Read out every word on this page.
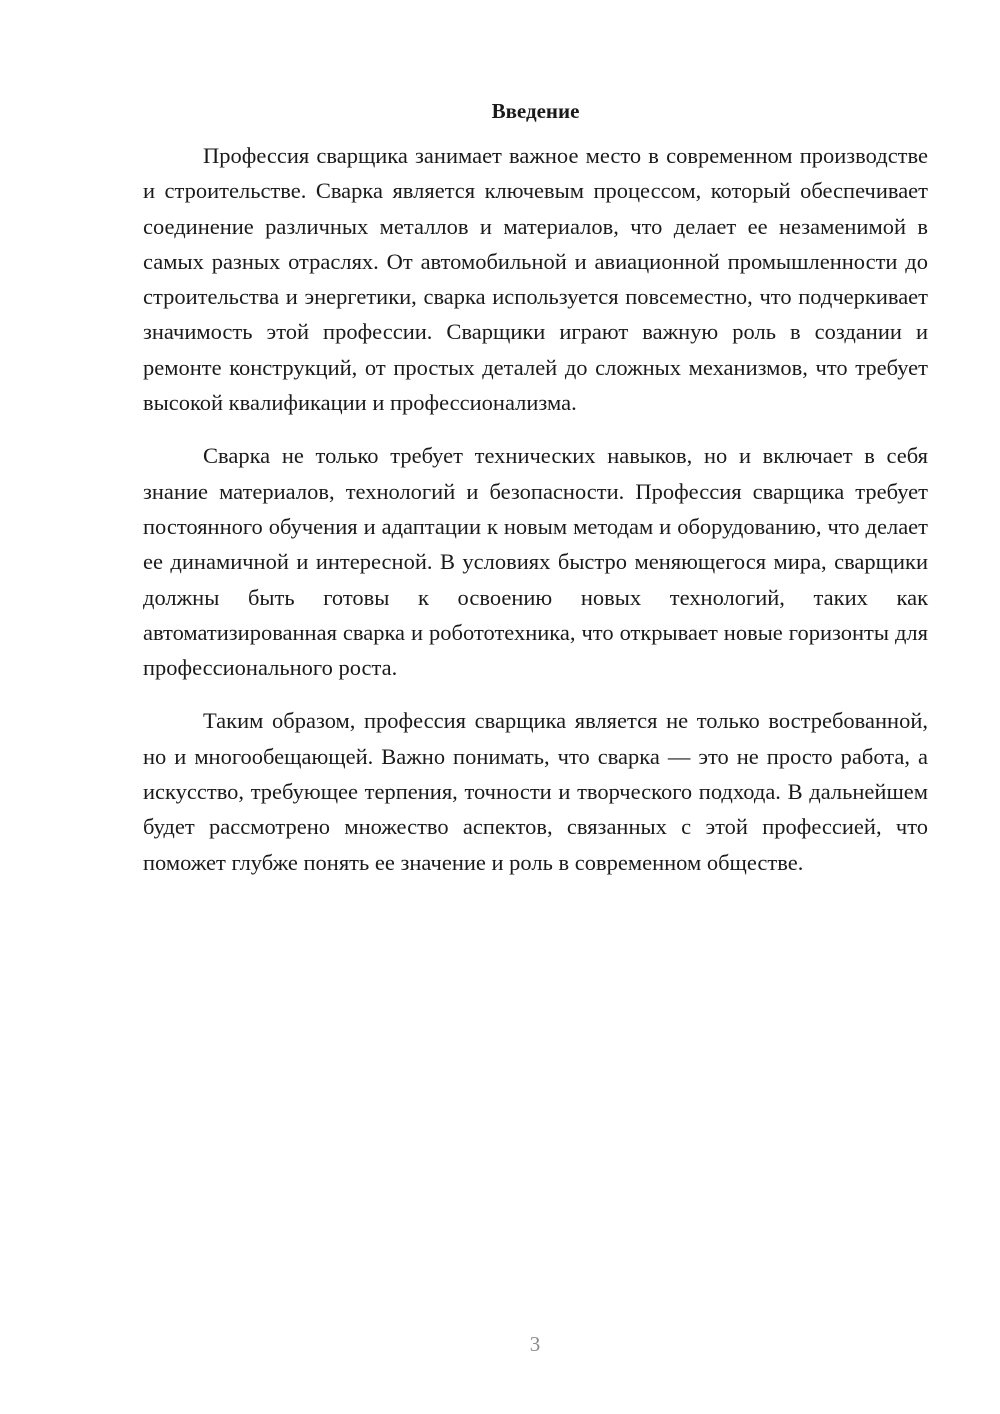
Введение

Профессия сварщика занимает важное место в современном производстве и строительстве. Сварка является ключевым процессом, который обеспечивает соединение различных металлов и материалов, что делает ее незаменимой в самых разных отраслях. От автомобильной и авиационной промышленности до строительства и энергетики, сварка используется повсеместно, что подчеркивает значимость этой профессии. Сварщики играют важную роль в создании и ремонте конструкций, от простых деталей до сложных механизмов, что требует высокой квалификации и профессионализма.

Сварка не только требует технических навыков, но и включает в себя знание материалов, технологий и безопасности. Профессия сварщика требует постоянного обучения и адаптации к новым методам и оборудованию, что делает ее динамичной и интересной. В условиях быстро меняющегося мира, сварщики должны быть готовы к освоению новых технологий, таких как автоматизированная сварка и робототехника, что открывает новые горизонты для профессионального роста.

Таким образом, профессия сварщика является не только востребованной, но и многообещающей. Важно понимать, что сварка — это не просто работа, а искусство, требующее терпения, точности и творческого подхода. В дальнейшем будет рассмотрено множество аспектов, связанных с этой профессией, что поможет глубже понять ее значение и роль в современном обществе.

3
